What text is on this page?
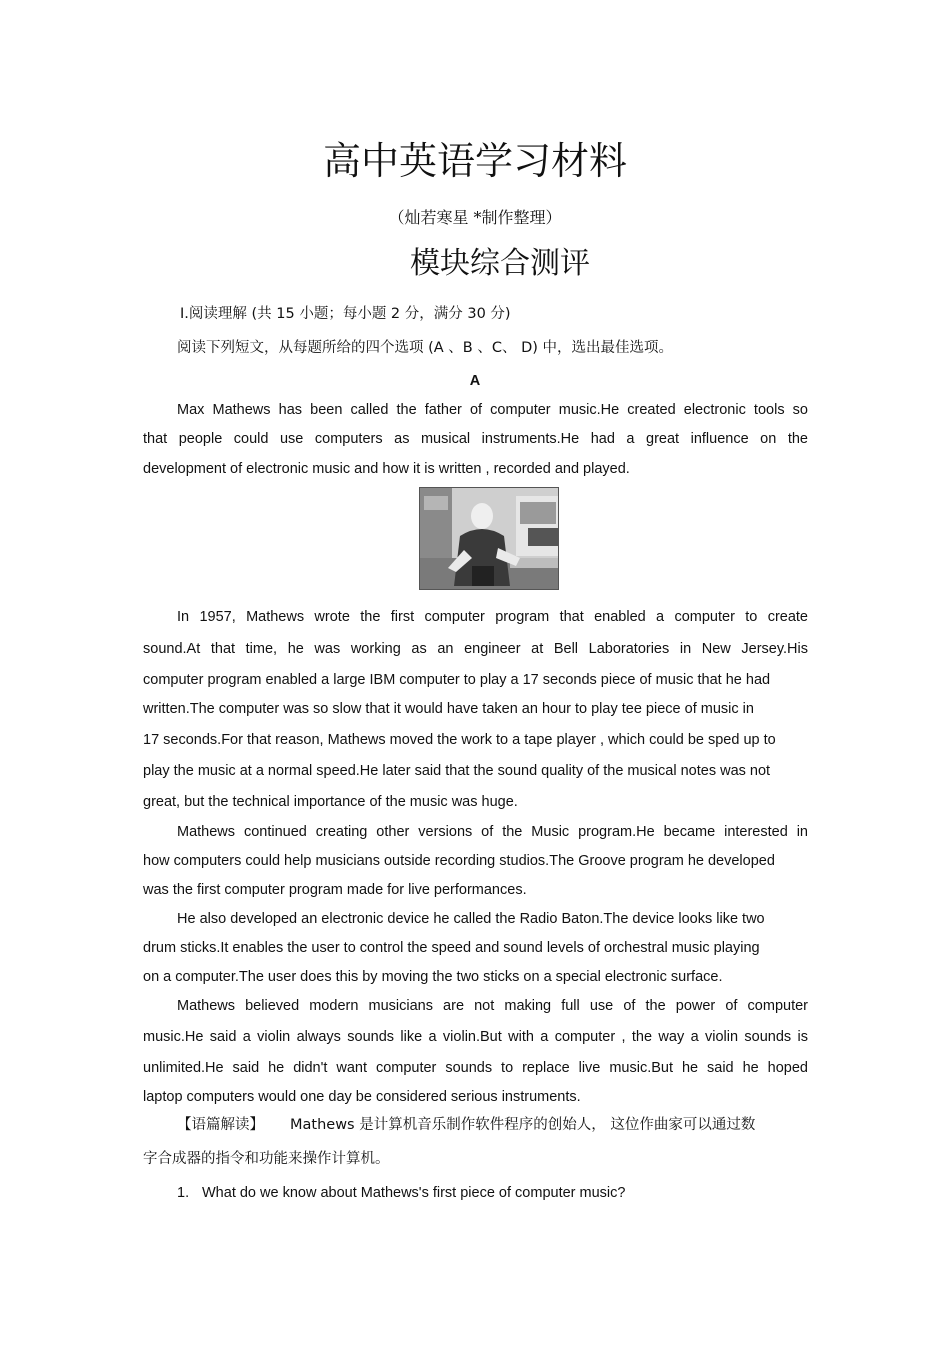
高中英语学习材料
（灿若寒星 *制作整理）
模块综合测评
Ⅰ.阅读理解 (共 15 小题；每小题 2 分，满分 30 分)
阅读下列短文，从每题所给的四个选项 (A 、B 、C、 D) 中，选出最佳选项。
A
Max Mathews has been called the father of computer music.He created electronic tools so
that people could use computers as musical instruments.He had a great influence on the
development of electronic music and how it is written , recorded and played.
In 1957, Mathews wrote the first computer program that enabled a computer to create
sound.At that time, he was working as an engineer at Bell Laboratories in New Jersey.His
computer program enabled a large IBM computer to play a 17 seconds piece of music that he had
written.The computer was so slow that it would have taken an hour to play tee piece of music in
17 seconds.For that reason, Mathews moved the work to a tape player , which could be sped up to
play the music at a normal speed.He later said that the sound quality of the musical notes was not
great, but the technical importance of the music was huge.
Mathews continued creating other versions of the Music program.He became interested in
how computers could help musicians outside recording studios.The Groove program he developed
was the first computer program made for live performances.
He also developed an electronic device he called the Radio Baton.The device looks like two
drum sticks.It enables the user to control the speed and sound levels of orchestral music playing
on a computer.The user does this by moving the two sticks on a special electronic surface.
Mathews believed modern musicians are not making full use of the power of computer
music.He said a violin always sounds like a violin.But with a computer , the way a violin sounds is
unlimited.He said he didn't want computer sounds to replace live music.But he said he hoped
laptop computers would one day be considered serious instruments.
【语篇解读】 Mathews 是计算机音乐制作软件程序的创始人， 这位作曲家可以通过数
字合成器的指令和功能来操作计算机。
1. What do we know about Mathews's first piece of computer music?
